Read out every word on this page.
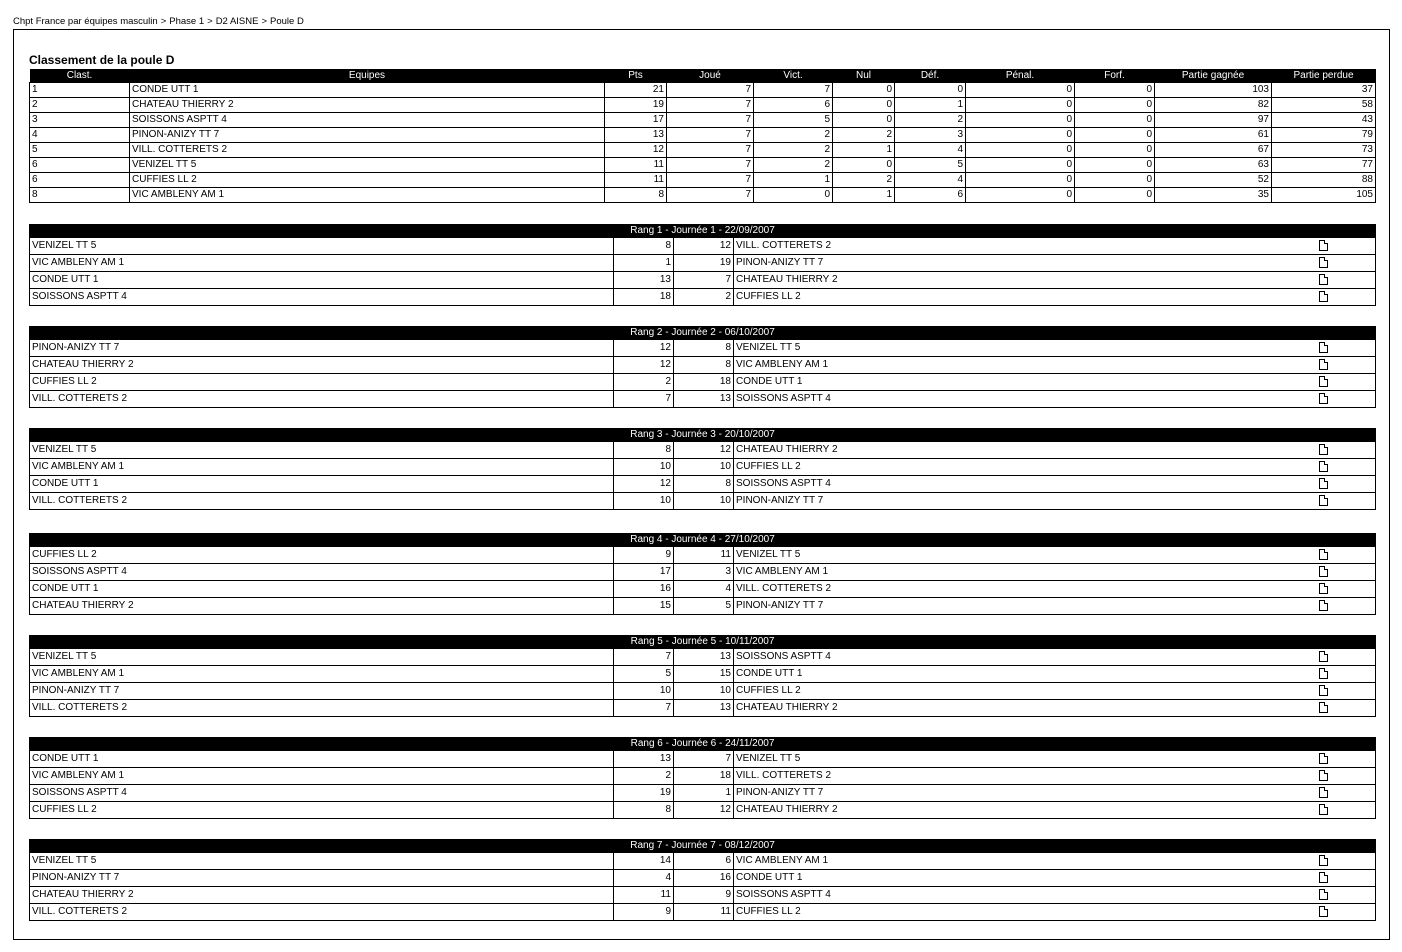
Chpt France par équipes masculin > Phase 1 > D2 AISNE > Poule D
Classement de la poule D
Clast.	Equipes	Pts	Joué	Vict.	Nul	Déf.	Pénal.	Forf.	Partie gagnée	Partie perdue
1	CONDE UTT 1	21	7	7	0	0	0	0	103	37
2	CHATEAU THIERRY 2	19	7	6	0	1	0	0	82	58
3	SOISSONS ASPTT 4	17	7	5	0	2	0	0	97	43
4	PINON-ANIZY TT 7	13	7	2	2	3	0	0	61	79
5	VILL. COTTERETS 2	12	7	2	1	4	0	0	67	73
6	VENIZEL TT 5	11	7	2	0	5	0	0	63	77
6	CUFFIES LL 2	11	7	1	2	4	0	0	52	88
8	VIC AMBLENY AM 1	8	7	0	1	6	0	0	35	105
Rang 1 - Journée 1 - 22/09/2007				
VENIZEL TT 5	8	12	VILL. COTTERETS 2	
VIC AMBLENY AM 1	1	19	PINON-ANIZY TT 7	
CONDE UTT 1	13	7	CHATEAU THIERRY 2	
SOISSONS ASPTT 4	18	2	CUFFIES LL 2	
Rang 2 - Journée 2 - 06/10/2007				
PINON-ANIZY TT 7	12	8	VENIZEL TT 5	
CHATEAU THIERRY 2	12	8	VIC AMBLENY AM 1	
CUFFIES LL 2	2	18	CONDE UTT 1	
VILL. COTTERETS 2	7	13	SOISSONS ASPTT 4	
Rang 3 - Journée 3 - 20/10/2007				
VENIZEL TT 5	8	12	CHATEAU THIERRY 2	
VIC AMBLENY AM 1	10	10	CUFFIES LL 2	
CONDE UTT 1	12	8	SOISSONS ASPTT 4	
VILL. COTTERETS 2	10	10	PINON-ANIZY TT 7	
Rang 4 - Journée 4 - 27/10/2007				
CUFFIES LL 2	9	11	VENIZEL TT 5	
SOISSONS ASPTT 4	17	3	VIC AMBLENY AM 1	
CONDE UTT 1	16	4	VILL. COTTERETS 2	
CHATEAU THIERRY 2	15	5	PINON-ANIZY TT 7	
Rang 5 - Journée 5 - 10/11/2007				
VENIZEL TT 5	7	13	SOISSONS ASPTT 4	
VIC AMBLENY AM 1	5	15	CONDE UTT 1	
PINON-ANIZY TT 7	10	10	CUFFIES LL 2	
VILL. COTTERETS 2	7	13	CHATEAU THIERRY 2	
Rang 6 - Journée 6 - 24/11/2007				
CONDE UTT 1	13	7	VENIZEL TT 5	
VIC AMBLENY AM 1	2	18	VILL. COTTERETS 2	
SOISSONS ASPTT 4	19	1	PINON-ANIZY TT 7	
CUFFIES LL 2	8	12	CHATEAU THIERRY 2	
Rang 7 - Journée 7 - 08/12/2007				
VENIZEL TT 5	14	6	VIC AMBLENY AM 1	
PINON-ANIZY TT 7	4	16	CONDE UTT 1	
CHATEAU THIERRY 2	11	9	SOISSONS ASPTT 4	
VILL. COTTERETS 2	9	11	CUFFIES LL 2	
